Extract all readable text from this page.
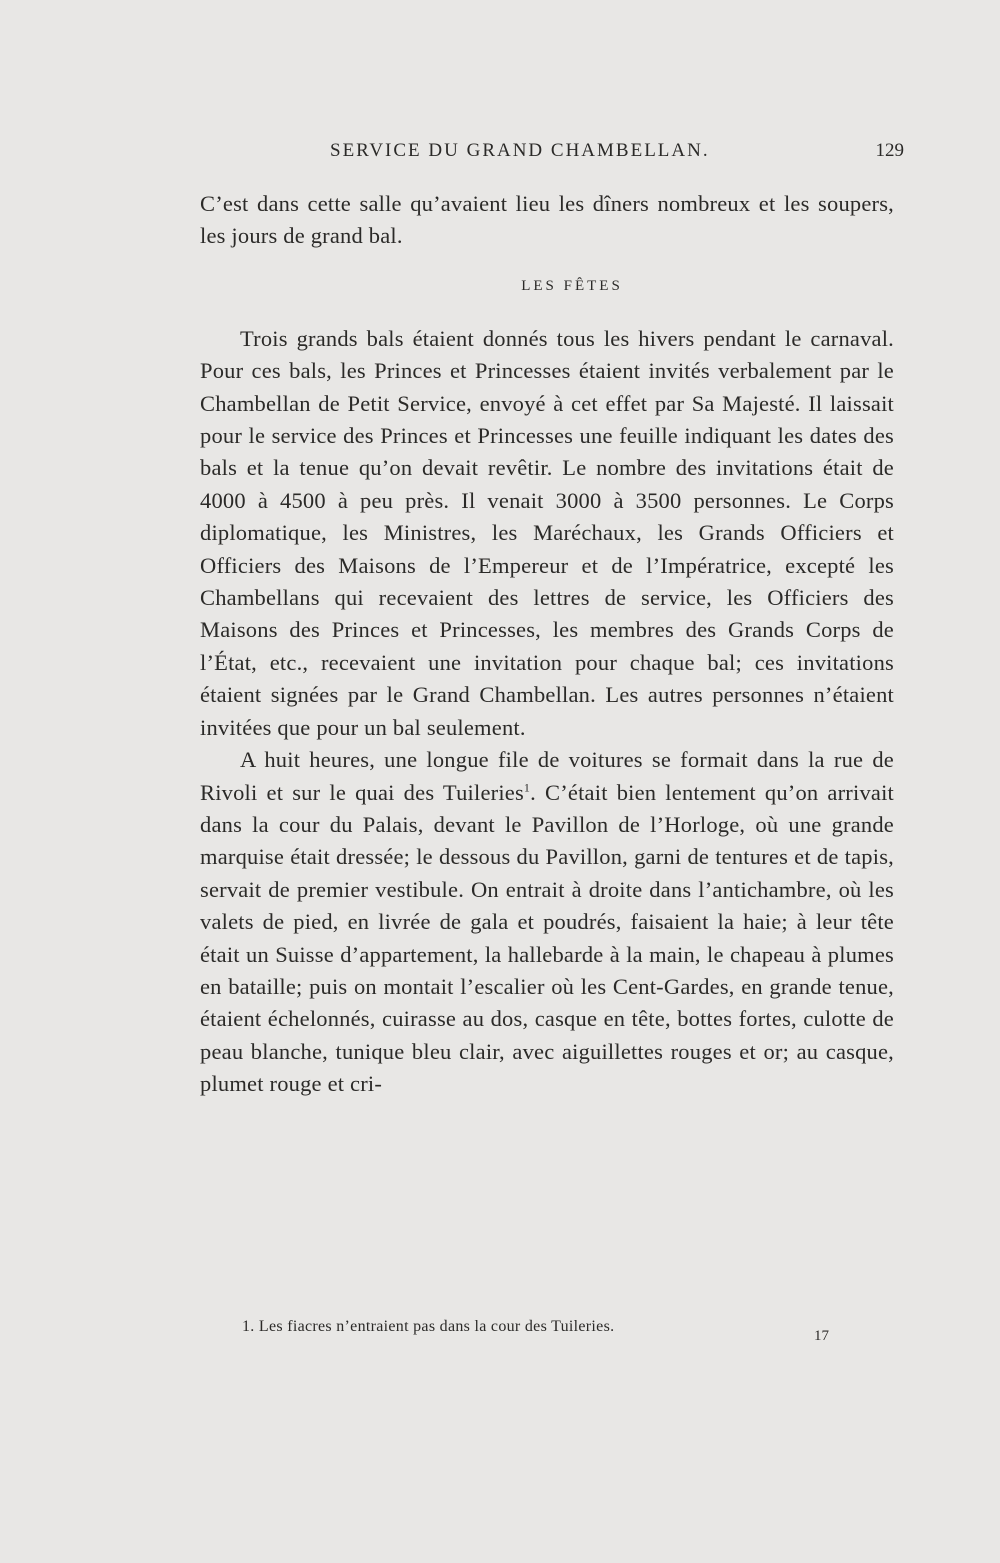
SERVICE DU GRAND CHAMBELLAN.	129

C’est dans cette salle qu’avaient lieu les dîners nombreux et les soupers, les jours de grand bal.

LES FÊTES

Trois grands bals étaient donnés tous les hivers pendant le carnaval. Pour ces bals, les Princes et Princesses étaient invités verbalement par le Chambellan de Petit Service, envoyé à cet effet par Sa Majesté. Il laissait pour le service des Princes et Princesses une feuille indiquant les dates des bals et la tenue qu’on devait revêtir. Le nombre des invitations était de 4000 à 4500 à peu près. Il venait 3000 à 3500 personnes. Le Corps diplomatique, les Ministres, les Maréchaux, les Grands Officiers et Officiers des Maisons de l’Empereur et de l’Impératrice, excepté les Chambellans qui recevaient des lettres de service, les Officiers des Maisons des Princes et Princesses, les membres des Grands Corps de l’État, etc., recevaient une invitation pour chaque bal; ces invitations étaient signées par le Grand Chambellan. Les autres personnes n’étaient invitées que pour un bal seulement.

A huit heures, une longue file de voitures se formait dans la rue de Rivoli et sur le quai des Tuileries$^1$. C’était bien lentement qu’on arrivait dans la cour du Palais, devant le Pavillon de l’Horloge, où une grande marquise était dressée; le dessous du Pavillon, garni de tentures et de tapis, servait de premier vestibule. On entrait à droite dans l’antichambre, où les valets de pied, en livrée de gala et poudrés, faisaient la haie; à leur tête était un Suisse d’appartement, la hallebarde à la main, le chapeau à plumes en bataille; puis on montait l’escalier où les Cent-Gardes, en grande tenue, étaient échelonnés, cuirasse au dos, casque en tête, bottes fortes, culotte de peau blanche, tunique bleu clair, avec aiguillettes rouges et or; au casque, plumet rouge et cri-

1. Les fiacres n’entraient pas dans la cour des Tuileries.
17
